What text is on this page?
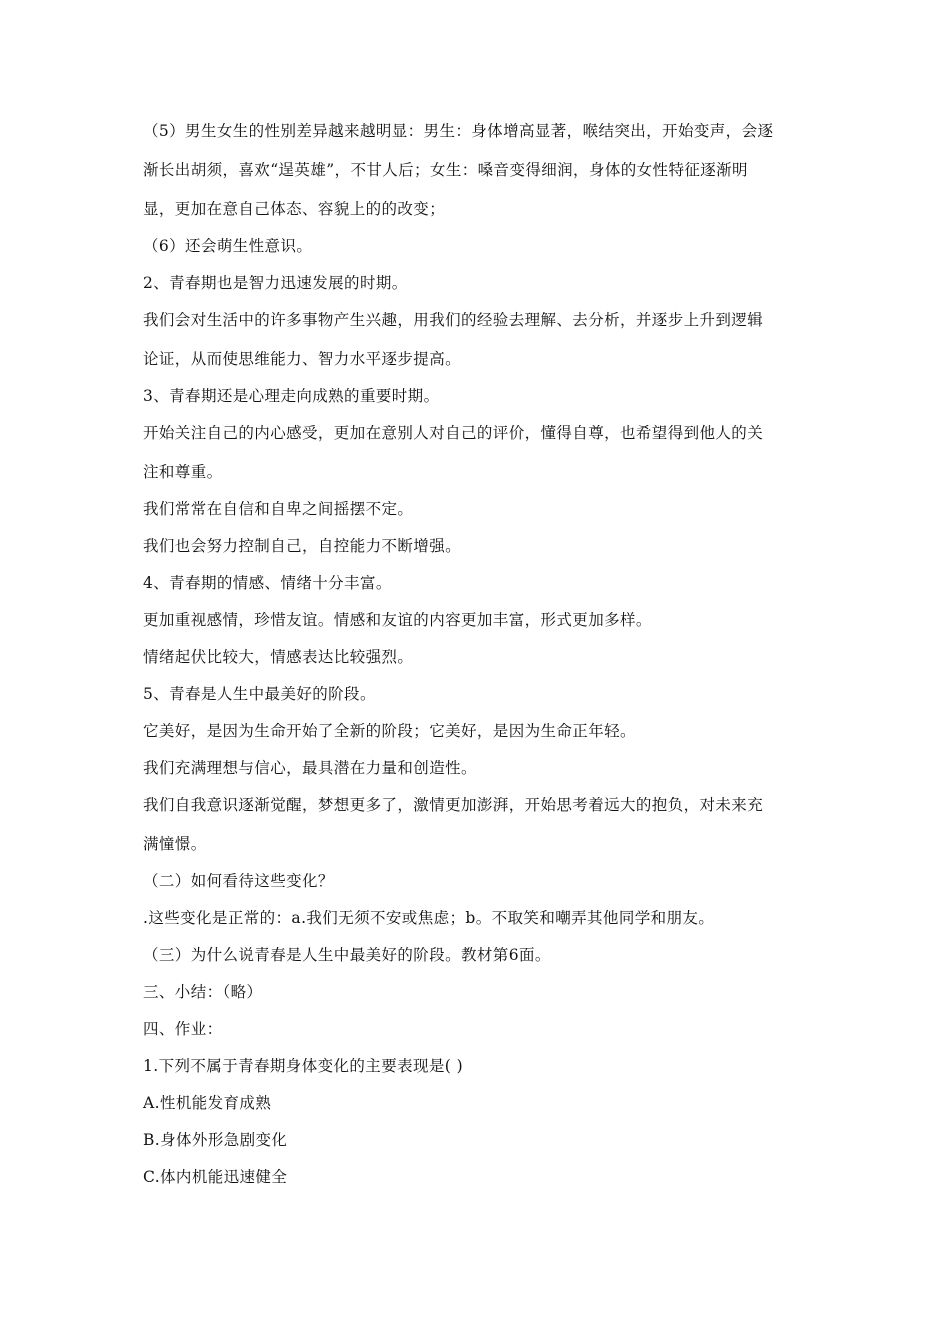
（5）男生女生的性别差异越来越明显：男生：身体增高显著，喉结突出，开始变声，会逐
渐长出胡须，喜欢“逞英雄”，不甘人后；女生：嗓音变得细润，身体的女性特征逐渐明
显，更加在意自己体态、容貌上的的改变；
（6）还会萌生性意识。
2、青春期也是智力迅速发展的时期。
我们会对生活中的许多事物产生兴趣，用我们的经验去理解、去分析，并逐步上升到逻辑
论证，从而使思维能力、智力水平逐步提高。
3、青春期还是心理走向成熟的重要时期。
开始关注自己的内心感受，更加在意别人对自己的评价，懂得自尊，也希望得到他人的关
注和尊重。
我们常常在自信和自卑之间摇摆不定。
我们也会努力控制自己，自控能力不断增强。
4、青春期的情感、情绪十分丰富。
更加重视感情，珍惜友谊。情感和友谊的内容更加丰富，形式更加多样。
情绪起伏比较大，情感表达比较强烈。
5、青春是人生中最美好的阶段。
它美好，是因为生命开始了全新的阶段；它美好，是因为生命正年轻。
我们充满理想与信心，最具潜在力量和创造性。
我们自我意识逐渐觉醒，梦想更多了，激情更加澎湃，开始思考着远大的抱负，对未来充
满憧憬。
（二）如何看待这些变化？
.这些变化是正常的：a.我们无须不安或焦虑；b。不取笑和嘲弄其他同学和朋友。
（三）为什么说青春是人生中最美好的阶段。教材第6面。
三、小结：（略）
四、作业：
1.下列不属于青春期身体变化的主要表现是( )
A.性机能发育成熟
B.身体外形急剧变化
C.体内机能迅速健全
